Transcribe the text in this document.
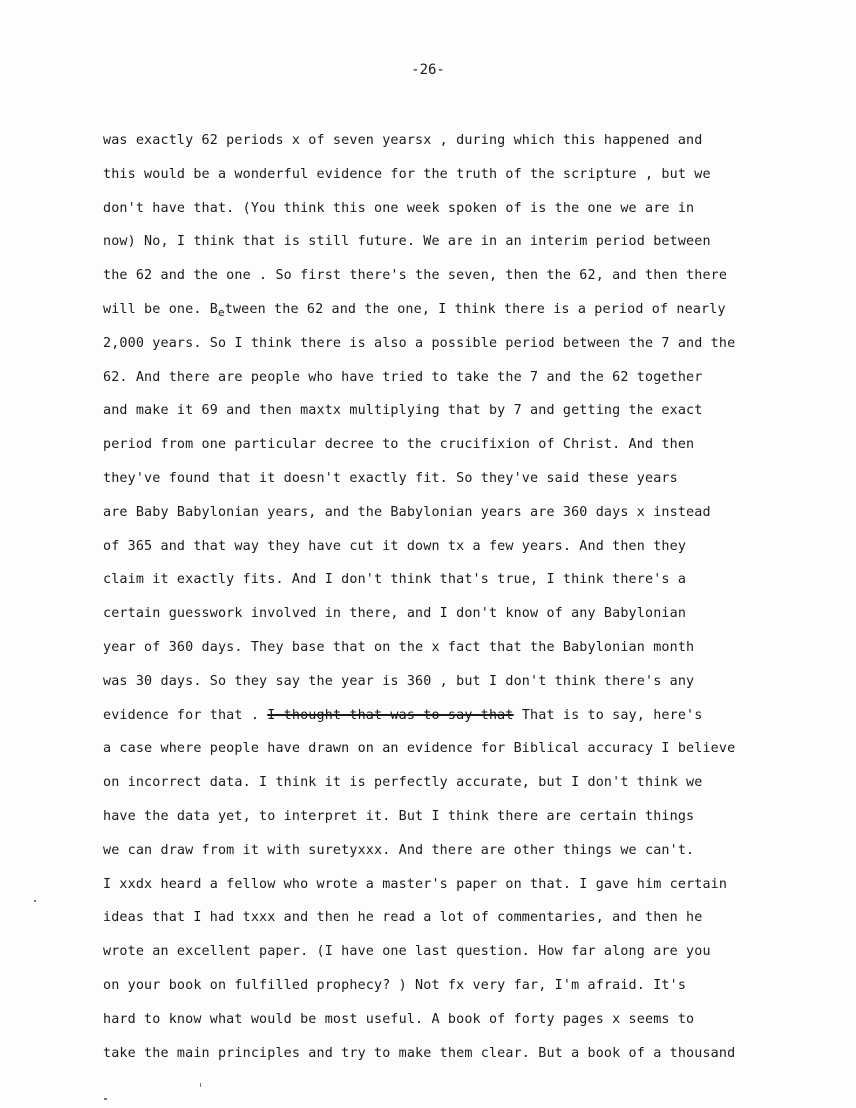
-26-
was exactly 62 periods x of seven yearsx , during which this happened and
this would be a wonderful evidence for the truth of the scripture , but we
don't have that. (You think this one week spoken of is the one we are in
now) No, I think that is still future. We are in an interim period between
the 62 and the one . So first there's the seven, then the 62, and then there
will be one. $B_etween$ the 62 and the one, I think there is a period of nearly
2,000 years. So I think there is also a possible period between the 7 and the
62. And there are people who have tried to take the 7 and the 62 together
and make it 69 and then maxtx multiplying that by 7 and getting the exact
period from one particular decree to the crucifixion of Christ. And then
they've found that it doesn't exactly fit. So they've said these years
are Baby Babylonian years, and the Babylonian years are 360 days x instead
of 365 and that way they have cut it down tx a few years. And then they
claim it exactly fits. And I don't think that's true, I think there's a
certain guesswork involved in there, and I don't know of any Babylonian
year of 360 days. They base that on the x fact that the Babylonian month
was 30 days. So they say the year is 360 , but I don't think there's any
evidence for that . I thought that was to say that That is to say, here's
a case where people have drawn on an evidence for Biblical accuracy I believe
on incorrect data. I think it is perfectly accurate, but I don't think we
have the data yet, to interpret it. But I think there are certain things
we can draw from it with suretyxxx. And there are other things we can't.
I xxdx heard a fellow who wrote a master's paper on that. I gave him certain
ideas that I had txxx and then he read a lot of commentaries, and then he
wrote an excellent paper. (I have one last question. How far along are you
on your book on fulfilled prophecy? ) Not fx very far, I'm afraid. It's
hard to know what would be most useful. A book of forty pages x seems to
take the main principles and try to make them clear. But a book of a thousand
